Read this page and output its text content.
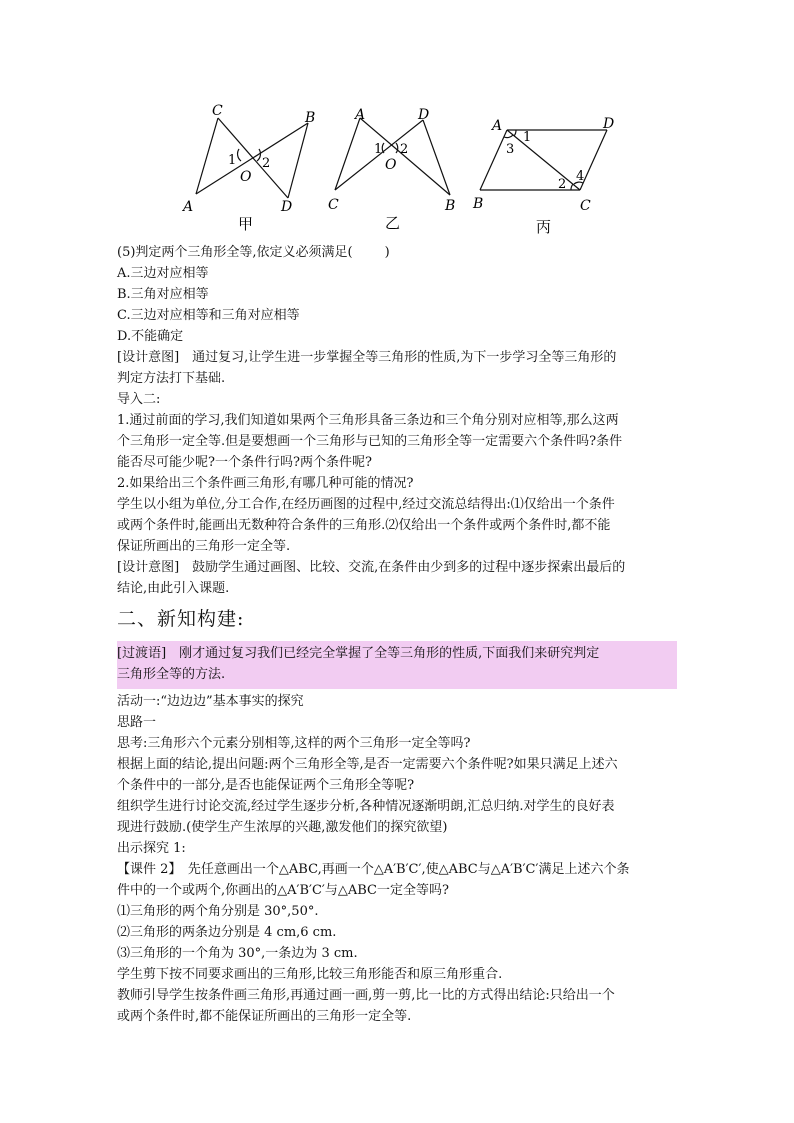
C	B
A	D
O
1 2
甲
A	D
C	B
O
1 2
乙
A	D
B	C
1
3
2
4
丙
(5)判定两个三角形全等,依定义必须满足( )
A.三边对应相等
B.三角对应相等
C.三边对应相等和三角对应相等
D.不能确定
[设计意图]　通过复习,让学生进一步掌握全等三角形的性质,为下一步学习全等三角形的
判定方法打下基础.
导入二:
1.通过前面的学习,我们知道如果两个三角形具备三条边和三个角分别对应相等,那么这两
个三角形一定全等.但是要想画一个三角形与已知的三角形全等一定需要六个条件吗?条件
能否尽可能少呢?一个条件行吗?两个条件呢?
2.如果给出三个条件画三角形,有哪几种可能的情况?
学生以小组为单位,分工合作,在经历画图的过程中,经过交流总结得出:⑴仅给出一个条件
或两个条件时,能画出无数种符合条件的三角形.⑵仅给出一个条件或两个条件时,都不能
保证所画出的三角形一定全等.
[设计意图]　鼓励学生通过画图、比较、交流,在条件由少到多的过程中逐步探索出最后的
结论,由此引入课题.
二、新知构建:
[过渡语]　刚才通过复习我们已经完全掌握了全等三角形的性质,下面我们来研究判定
三角形全等的方法.
活动一:“边边边”基本事实的探究
思路一
思考:三角形六个元素分别相等,这样的两个三角形一定全等吗?
根据上面的结论,提出问题:两个三角形全等,是否一定需要六个条件呢?如果只满足上述六
个条件中的一部分,是否也能保证两个三角形全等呢?
组织学生进行讨论交流,经过学生逐步分析,各种情况逐渐明朗,汇总归纳.对学生的良好表
现进行鼓励.(使学生产生浓厚的兴趣,激发他们的探究欲望)
出示探究 1:
【课件 2】　先任意画出一个△ABC,再画一个△A′B′C′,使△ABC与△A′B′C′满足上述六个条
件中的一个或两个,你画出的△A′B′C′与△ABC一定全等吗?
⑴三角形的两个角分别是 30°,50°.
⑵三角形的两条边分别是 4 cm,6 cm.
⑶三角形的一个角为 30°,一条边为 3 cm.
学生剪下按不同要求画出的三角形,比较三角形能否和原三角形重合.
教师引导学生按条件画三角形,再通过画一画,剪一剪,比一比的方式得出结论:只给出一个
或两个条件时,都不能保证所画出的三角形一定全等.
